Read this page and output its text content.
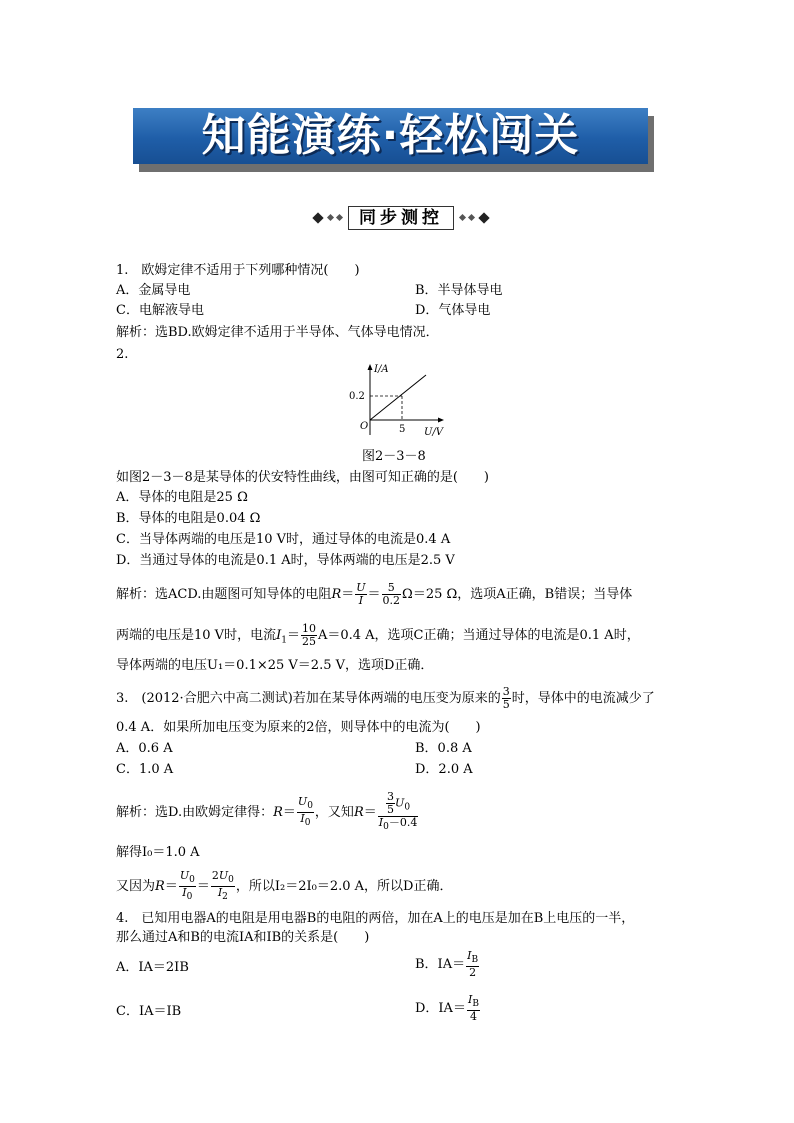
知能演练·轻松闯关
同步测控
1.　欧姆定律不适用于下列哪种情况(　　)
A．金属导电	B．半导体导电
C．电解液导电	D．气体导电
解析：选BD.欧姆定律不适用于半导体、气体导电情况．
2.
I/A
0.2
O	5 U/V
图2－3－8
如图2－3－8是某导体的伏安特性曲线，由图可知正确的是(　　)
A．导体的电阻是25 Ω
B．导体的电阻是0.04 Ω
C．当导体两端的电压是10 V时，通过导体的电流是0.4 A
D．当通过导体的电流是0.1 A时，导体两端的电压是2.5 V
解析：选ACD.由题图可知导体的电阻$R= \frac{U}{I} = \frac{5}{0.2} \Omega=25$ Ω，选项A正确，B错误；当导体
两端的电压是10 V时，电流$I_1= \frac{10}{25} A=0.4$ A，选项C正确；当通过导体的电流是0.1 A时，
导体两端的电压U₁＝0.1×25 V＝2.5 V，选项D正确．
3.　(2012·合肥六中高二测试)若加在某导体两端的电压变为原来的 $\frac{3}{5}$ 时，导体中的电流减少了
0.4 A．如果所加电压变为原来的2倍，则导体中的电流为(　　)
A．0.6 A	B．0.8 A
C．1.0 A	D．2.0 A
解析：选D.由欧姆定律得：$R= \frac{U_0}{I_0}$ ，又知$R= \frac{\frac{3}{5} U_0}{I_0-0.4}$
解得I₀＝1.0 A
又因为$R= \frac{U_0}{I_0} = \frac{2U_0}{I_2}$ ，所以I₂＝2I₀＝2.0 A，所以D正确．
4.　已知用电器A的电阻是用电器B的电阻的两倍，加在A上的电压是加在B上电压的一半，
那么通过A和B的电流IA和IB的关系是(　　)
A．IA＝2IB	B．$IA= \frac{I_B}{2}$
C．IA＝IB	D．$IA= \frac{I_B}{4}$
